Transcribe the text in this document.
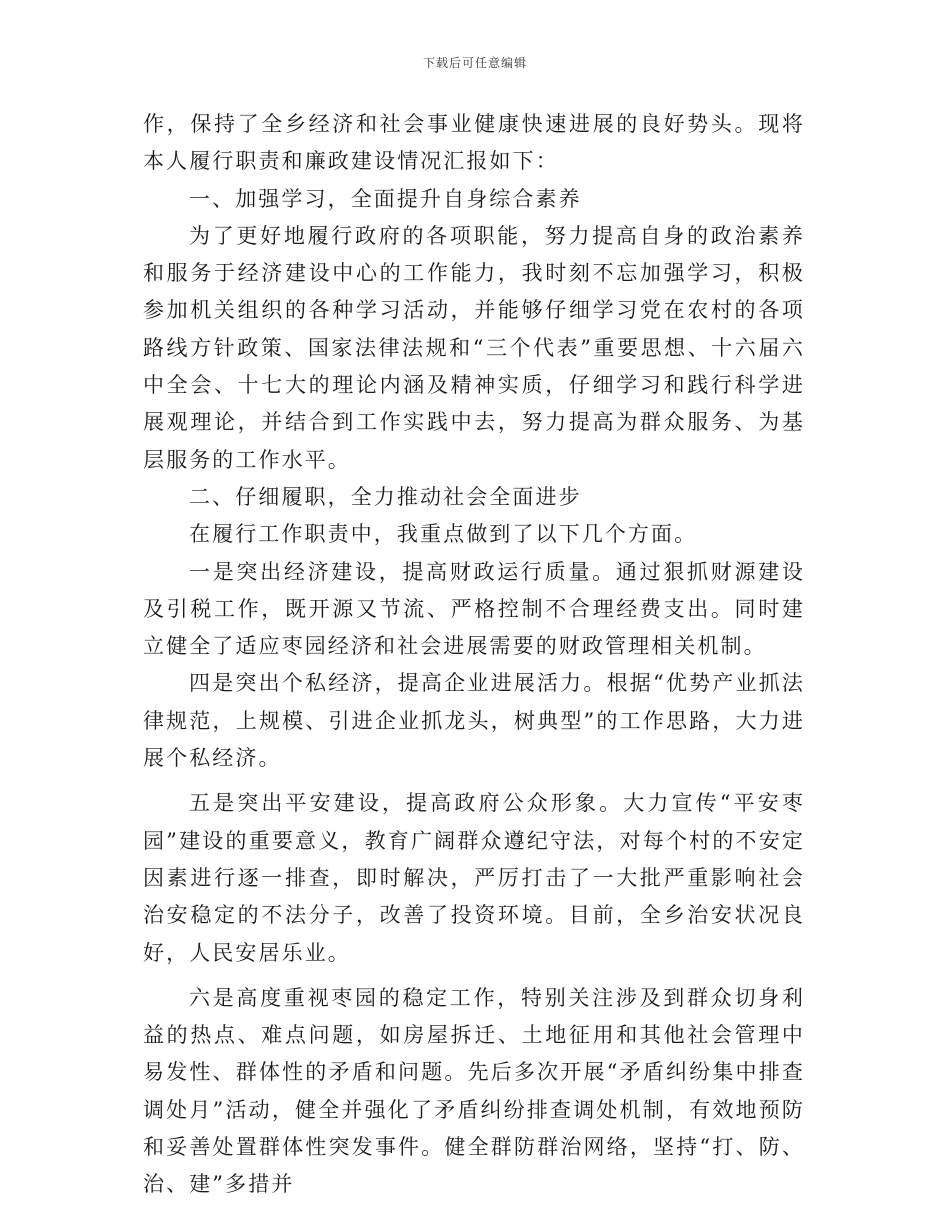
下载后可任意编辑

作，保持了全乡经济和社会事业健康快速进展的良好势头。现将本人履行职责和廉政建设情况汇报如下：

一、加强学习，全面提升自身综合素养

为了更好地履行政府的各项职能，努力提高自身的政治素养和服务于经济建设中心的工作能力，我时刻不忘加强学习，积极参加机关组织的各种学习活动，并能够仔细学习党在农村的各项路线方针政策、国家法律法规和“三个代表”重要思想、十六届六中全会、十七大的理论内涵及精神实质，仔细学习和践行科学进展观理论，并结合到工作实践中去，努力提高为群众服务、为基层服务的工作水平。

二、仔细履职，全力推动社会全面进步

在履行工作职责中，我重点做到了以下几个方面。

一是突出经济建设，提高财政运行质量。通过狠抓财源建设及引税工作，既开源又节流、严格控制不合理经费支出。同时建立健全了适应枣园经济和社会进展需要的财政管理相关机制。

四是突出个私经济，提高企业进展活力。根据“优势产业抓法律规范，上规模、引进企业抓龙头，树典型”的工作思路，大力进展个私经济。

五是突出平安建设，提高政府公众形象。大力宣传“平安枣园”建设的重要意义，教育广阔群众遵纪守法，对每个村的不安定因素进行逐一排查，即时解决，严厉打击了一大批严重影响社会治安稳定的不法分子，改善了投资环境。目前，全乡治安状况良好，人民安居乐业。

六是高度重视枣园的稳定工作，特别关注涉及到群众切身利益的热点、难点问题，如房屋拆迁、土地征用和其他社会管理中易发性、群体性的矛盾和问题。先后多次开展“矛盾纠纷集中排查调处月”活动，健全并强化了矛盾纠纷排查调处机制，有效地预防和妥善处置群体性突发事件。健全群防群治网络，坚持“打、防、治、建”多措并
